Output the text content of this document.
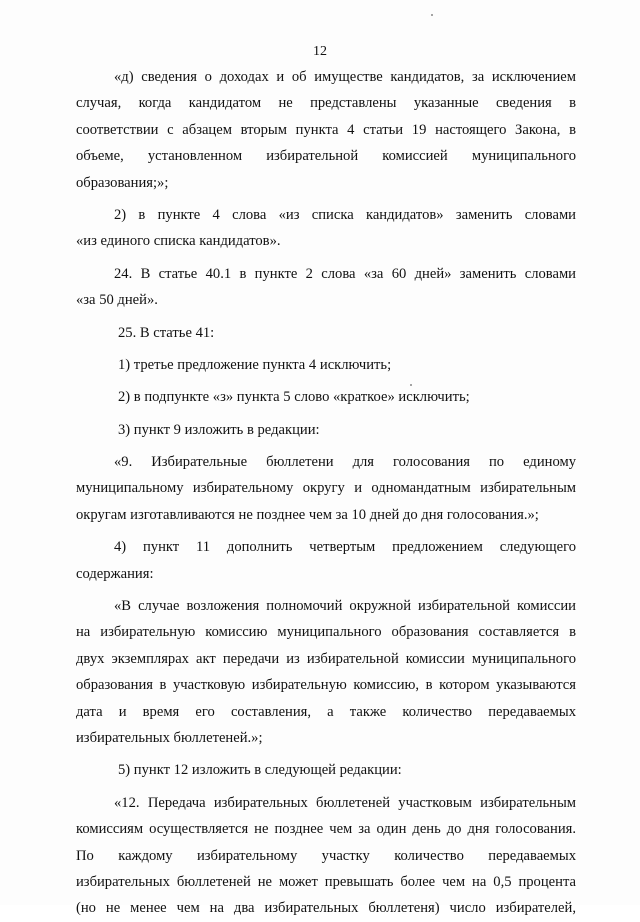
12
«д) сведения о доходах и об имуществе кандидатов, за исключением
случая, когда кандидатом не представлены указанные сведения в
соответствии с абзацем вторым пункта 4 статьи 19 настоящего Закона, в
объеме, установленном избирательной комиссией муниципального
образования;»;
2) в пункте 4 слова «из списка кандидатов» заменить словами
«из единого списка кандидатов».
24. В статье 40.1 в пункте 2 слова «за 60 дней» заменить словами
«за 50 дней».
25. В статье 41:
1) третье предложение пункта 4 исключить;
2) в подпункте «з» пункта 5 слово «краткое» исключить;
3) пункт 9 изложить в редакции:
«9. Избирательные бюллетени для голосования по единому
муниципальному избирательному округу и одномандатным избирательным
округам изготавливаются не позднее чем за 10 дней до дня голосования.»;
4) пункт 11 дополнить четвертым предложением следующего
содержания:
«В случае возложения полномочий окружной избирательной комиссии
на избирательную комиссию муниципального образования составляется в
двух экземплярах акт передачи из избирательной комиссии муниципального
образования в участковую избирательную комиссию, в котором указываются
дата и время его составления, а также количество передаваемых
избирательных бюллетеней.»;
5) пункт 12 изложить в следующей редакции:
«12. Передача избирательных бюллетеней участковым избирательным
комиссиям осуществляется не позднее чем за один день до дня голосования.
По каждому избирательному участку количество передаваемых
избирательных бюллетеней не может превышать более чем на 0,5 процента
(но не менее чем на два избирательных бюллетеня) число избирателей,
